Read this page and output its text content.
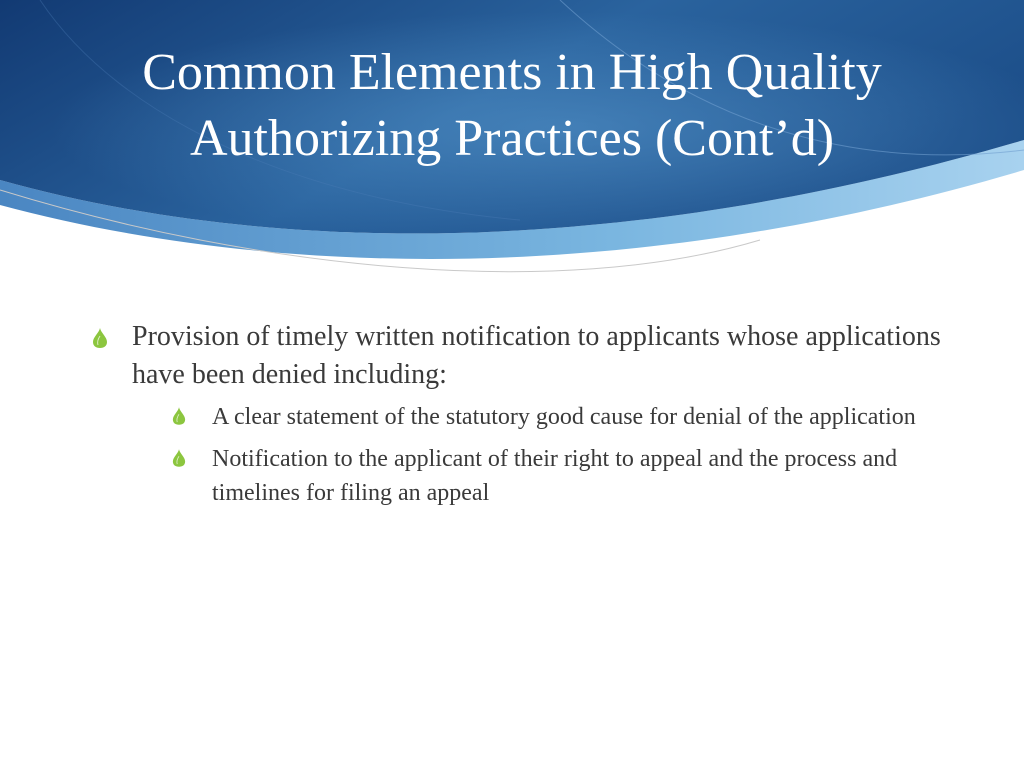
Common Elements in High Quality
Authorizing Practices (Cont’d)
Provision of timely written notification to applicants whose applications have been denied including:
A clear statement of the statutory good cause for denial of the application
Notification to the applicant of their right to appeal and the process and timelines for filing an appeal
